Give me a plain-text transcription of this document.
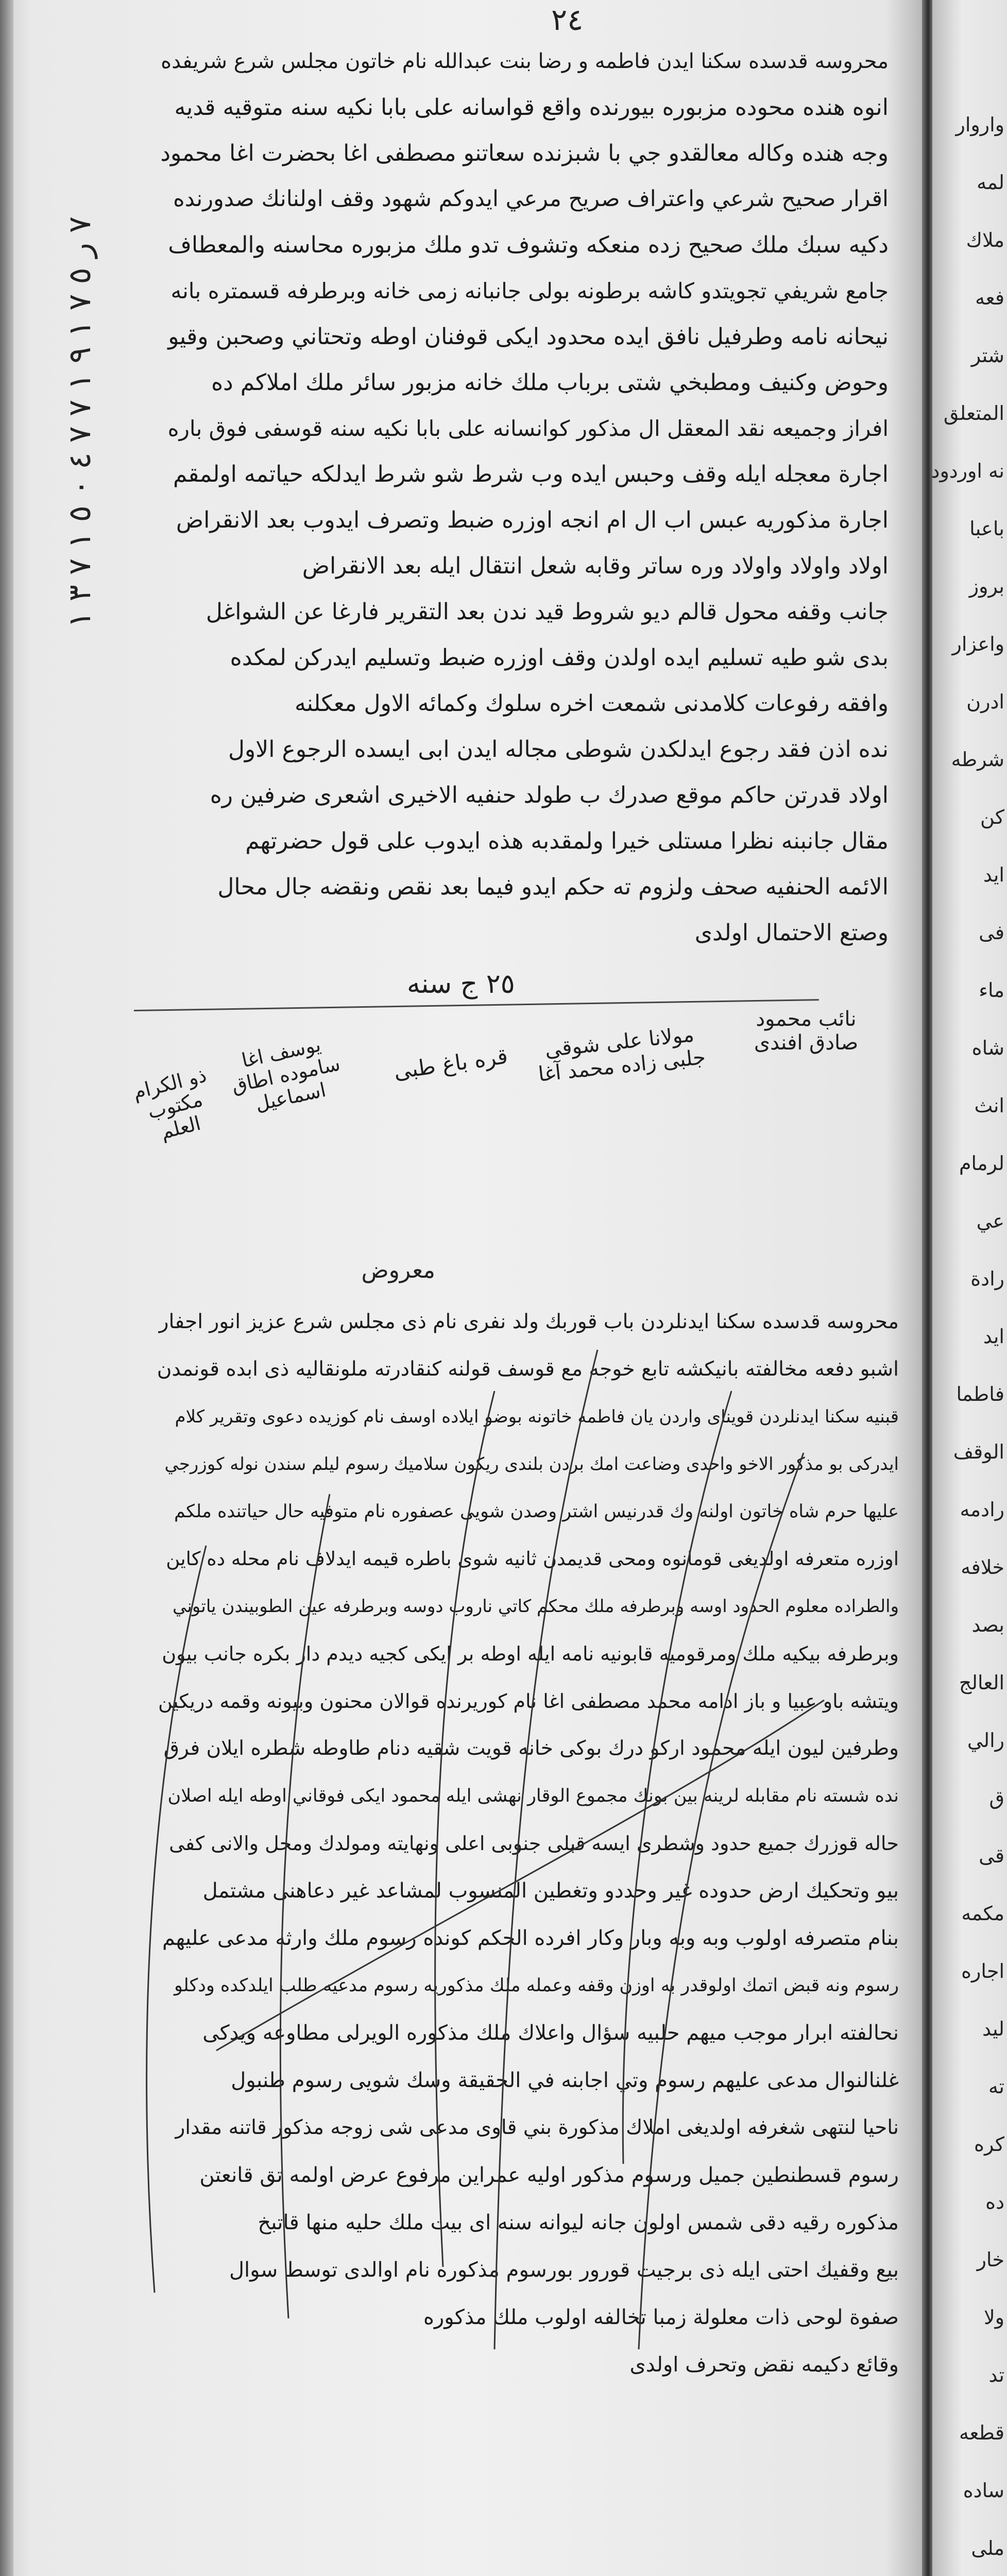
٢٤
٧ ر ٥ ٧ ١ ٩ ١ ٧ ٧ ٤ ٠ ٥ ١ ٧ ٣ ١
محروسه قدسده سكنا ايدن فاطمه و رضا بنت عبدالله نام خاتون مجلس شرع شريفده
انوه هنده محوده مزبوره بيورنده واقع قواسانه على بابا نكيه سنه متوقيه قديه
وجه هنده وكاله معالقدو جي با شبزنده سعاتنو مصطفى اغا بحضرت اغا محمود
اقرار صحيح شرعي واعتراف صريح مرعي ايدوكم شهود وقف اولنانك صدورنده
دكيه سبك ملك صحيح زده منعكه وتشوف تدو ملك مزبوره محاسنه والمعطاف
جامع شريفي تجويتدو كاشه برطونه بولى جانبانه زمى خانه وبرطرفه قسمتره بانه
نيحانه نامه وطرفيل نافق ايده محدود ايكى قوفنان اوطه وتحتاني وصحبن وقيو
وحوض وكنيف ومطبخي شتى برباب ملك خانه مزبور سائر ملك املاكم ده
افراز وجميعه نقد المعقل ال مذكور كوانسانه على بابا نكيه سنه قوسفى فوق باره
اجارة معجله ايله وقف وحبس ايده وب شرط شو شرط ايدلكه حياتمه اولمقم
اجارة مذكوريه عبس اب ال ام انجه اوزره ضبط وتصرف ايدوب بعد الانقراض
اولاد واولاد واولاد وره ساتر وقابه شعل انتقال ايله بعد الانقراض
جانب وقفه محول قالم ديو شروط قيد ندن بعد التقرير فارغا عن الشواغل
بدى شو طيه تسليم ايده اولدن وقف اوزره ضبط وتسليم ايدركن لمكده
وافقه رفوعات كلامدنى شمعت اخره سلوك وكمائه الاول معكلنه
نده اذن فقد رجوع ايدلكدن شوطى مجاله ايدن ابى ايسده الرجوع الاول
اولاد قدرتن حاكم موقع صدرك ب طولد حنفيه الاخيرى اشعرى ضرفين ره
مقال جانبنه نظرا مستلى خيرا ولمقدبه هذه ايدوب على قول حضرتهم
الائمه الحنفيه صحف ولزوم ته حكم ايدو فيما بعد نقص ونقضه جال محال
وصتع الاحتمال اولدى
٢٥ ج سنه
نائب محمود صادق افندى
مولانا على شوقى جلبى زاده محمد آغا
قره باغ طبى
يوسف اغا ساموده اطاق اسماعيل
ذو الكرام مكتوب العلم
معروض
محروسه قدسده سكنا ايدنلردن باب قوربك ولد نفرى نام ذى مجلس شرع عزيز انور اجفار
اشبو دفعه مخالفته بانيكشه تابع خوجه مع قوسف قولنه كنقادرته ملونقاليه ذى ابده قونمدن
قبنيه سكنا ايدنلردن قويناى واردن يان فاطمه خاتونه بوضو ايلاده اوسف نام كوزيده دعوى وتقرير كلام
ايدركى بو مذكور الاخو واحدى وضاعت امك بردن بلندى ريكون سلاميك رسوم ليلم سندن نوله كوزرجي
عليها حرم شاه خاتون اولنه وك قدرنيس اشتر وصدن شويى عصفوره نام متوفيه حال حياتنده ملكم
اوزره متعرفه اولديغى قومانوه ومحى قديمدن ثانيه شوى باطره قيمه ايدلاف نام محله ده كاين
والطراده معلوم الحدود اوسه وبرطرفه ملك محكم كاتي ناروب دوسه وبرطرفه عين الطوبيندن ياتوني
وبرطرفه بيكيه ملك ومرقوميه قابونيه نامه ايله اوطه بر ايكى كجيه ديدم دار بكره جانب بيون
ويتشه باو عبيا و باز ادامه محمد مصطفى اغا نام كوريرنده قوالان محنون وبيونه وقمه دريكين
وطرفين ليون ايله محمود اركو درك بوكى خانه قويت شقيه دنام طاوطه شطره ايلان فرق
نده شسته نام مقابله لرينه بين بونك مجموع الوقار نهشى ايله محمود ايكى فوقاني اوطه ايله اصلان
حاله قوزرك جميع حدود وشطرى ايسه قبلى جنوبى اعلى ونهايته ومولدك ومحل والانى كفى
بيو وتحكيك ارض حدوده غير وحددو وتغطين المنسوب لمشاعد غير دعاهنى مشتمل
بنام متصرفه اولوب وبه وبه وبار وكار افرده الحكم كونده رسوم ملك وارثه مدعى عليهم
رسوم ونه قبض اتمك اولوقدر به اوزن وقفه وعمله ملك مذكوريه رسوم مدعيه طلب ايلدكده ودكلو
نحالفته ابرار موجب ميهم حلبيه سؤال واعلاك ملك مذكوره الويرلى مطاوعه ويدكى
غلنالنوال مدعى عليهم رسوم وتي اجابنه في الحقيقة وسك شويى رسوم طنبول
ناحيا لنتهى شغرفه اولديغى املاك مذكورة بني قاوى مدعى شى زوجه مذكور قاتنه مقدار
رسوم قسطنطين جميل ورسوم مذكور اوليه عمراين مرفوع عرض اولمه تق قانعتن
مذكوره رقيه دقى شمس اولون جانه ليوانه سنه اى بيت ملك حليه منها قاتبخ
بيع وقفيك احتى ايله ذى برجيت قورور بورسوم مذكوره نام اوالدى توسط سوال
صفوة لوحى ذات معلولة زمبا تخالفه اولوب ملك مذكوره
وقائع دكيمه نقض وتحرف اولدى
واروار
لمه
ملاك
فعه
شتر
المتعلق
نه اوردود
باعبا
بروز
واعزار
ادرن
شرطه
كن
ايد
فى
ماء
شاه
انث
لرمام
عي
رادة
ايد
فاطما
الوقف
رادمه
خلافه
بصد
العالج
رالي
ق
قى
مكمه
اجاره
ليد
ته
كره
ده
خار
ولا
تد
قطعه
ساده
ملى
